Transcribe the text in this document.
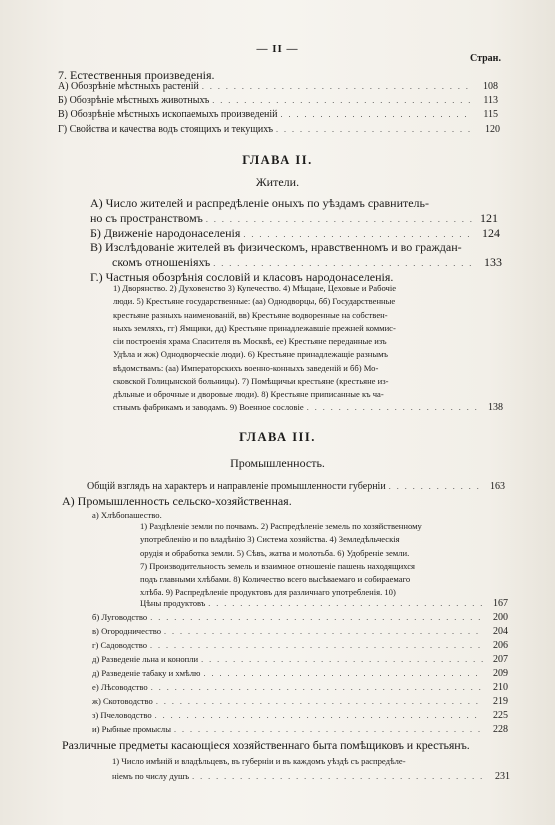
— II —
Стран.
7. Естественныя произведенія.
А) Обозрѣніе мѣстныхъ растеній . . .	108
Б) Обозрѣніе мѣстныхъ животныхъ . . .	113
В) Обозрѣніе мѣстныхъ ископаемыхъ произведеній . . .	115
Г) Свойства и качества водъ стоящихъ и текущихъ . . .	120
ГЛАВА II.
Жители.
А) Число жителей и распредѣленіе оныхъ по уѣздамъ сравнитель-
но съ пространствомъ . . .	121
Б) Движеніе народонаселенія . . .	124
В) Изслѣдованіе жителей въ физическомъ, нравственномъ и во граждан-
скомъ отношеніяхъ . . .	133
Г.) Частныя обозрѣнія сословій и класовъ народонаселенія.
1) Дворянство. 2) Духовенство 3) Купечество. 4) Мѣщане, Цеховые и Рабочіе
люди. 5) Крестьяне государственные: (аа) Однодворцы, бб) Государственные
крестьяне разныхъ наименованій, вв) Крестьяне водворенные на собствен-
ныхъ земляхъ, гг) Ямщики, дд) Крестьяне принадлежавшіе прежней коммис-
сіи построенія храма Спасителя въ Москвѣ, ее) Крестьяне переданные изъ
Удѣла и жж) Однодворческіе люди). 6) Крестьяне принадлежащіе разнымъ
вѣдомствамъ: (аа) Императорскихъ военно-конныхъ заведеній и бб) Мо-
сковской Голицынской больницы). 7) Помѣщичьи крестьяне (крестьяне из-
дѣльные и оброчные и дворовые люди). 8) Крестьяне приписанные къ ча-
стнымъ фабрикамъ и заводамъ. 9) Военное сословіе . . .	138
ГЛАВА III.
Промышленность.
Общій взглядъ на характеръ и направленіе промышленности губерніи . . .	163
А) Промышленность сельско-хозяйственная.
а) Хлѣбопашество.
1) Раздѣленіе земли по почвамъ. 2) Распредѣленіе земель по хозяйственному
употребленію и по владѣнію 3) Система хозяйства. 4) Земледѣльческія
орудія и обработка земли. 5) Сѣвъ, жатва и молотьба. 6) Удобреніе земли.
7) Производительность земель и взаимное отношеніе пашень находящихся
подъ главными хлѣбами. 8) Количество всего высѣваемаго и собираемаго
хлѣба. 9) Распредѣленіе продуктовъ для различнаго употребленія. 10)
Цѣны продуктовъ . . .	167
б) Луговодство . . .	200
в) Огородничество . . .	204
г) Садоводство . . .	206
д) Разведеніе льна и конопли . . .	207
д) Разведеніе табаку и хмѣлю . . .	209
е) Лѣсоводство . . .	210
ж) Скотоводство . . .	219
з) Пчеловодство . . .	225
и) Рыбные промыслы . . .	228
Различные предметы касающіеся хозяйственнаго быта помѣщиковъ и крестьянъ.
1) Число имѣній и владѣльцевъ, въ губерніи и въ каждомъ уѣздѣ съ распредѣле-
ніемъ по числу душъ . . .	231
